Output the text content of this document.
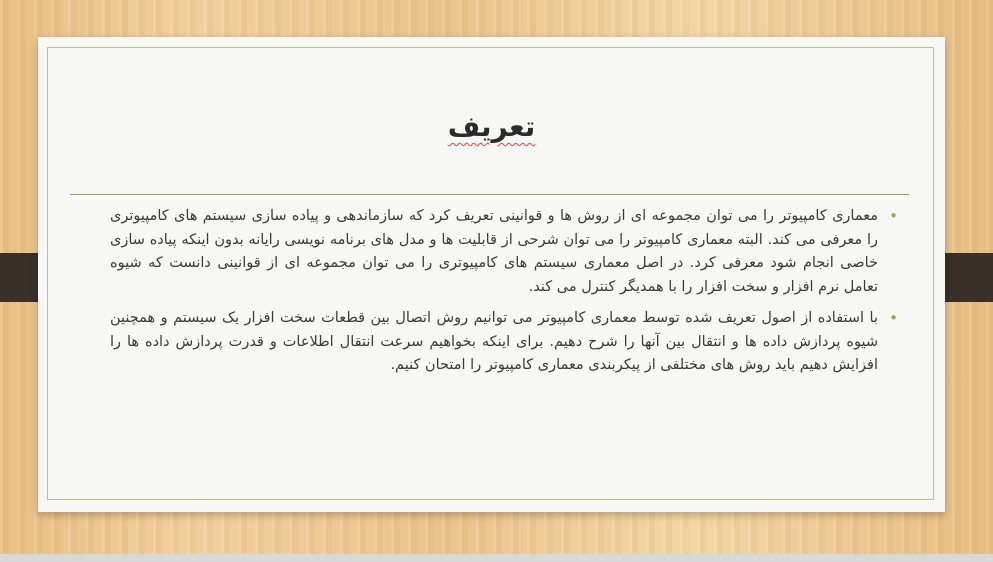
تعریف

•
معماری کامپیوتر را می توان مجموعه ای از روش ها و قوانینی تعریف کرد که سازماندهی و پیاده سازی سیستم های کامپیوتری را معرفی می کند. البته معماری کامپیوتر را می توان شرحی از قابلیت ها و مدل های برنامه نویسی رایانه بدون اینکه پیاده سازی خاصی انجام شود معرفی کرد. در اصل معماری سیستم های کامپیوتری را می توان مجموعه ای از قوانینی دانست که شیوه تعامل نرم افزار و سخت افزار را با همدیگر کنترل می کند.

•
با استفاده از اصول تعریف شده توسط معماری کامپیوتر می توانیم روش اتصال بین قطعات سخت افزار یک سیستم و همچنین شیوه پردازش داده ها و انتقال بین آنها را شرح دهیم. برای اینکه بخواهیم سرعت انتقال اطلاعات و قدرت پردازش داده ها را افزایش دهیم باید روش های مختلفی از پیکربندی معماری کامپیوتر را امتحان کنیم.
